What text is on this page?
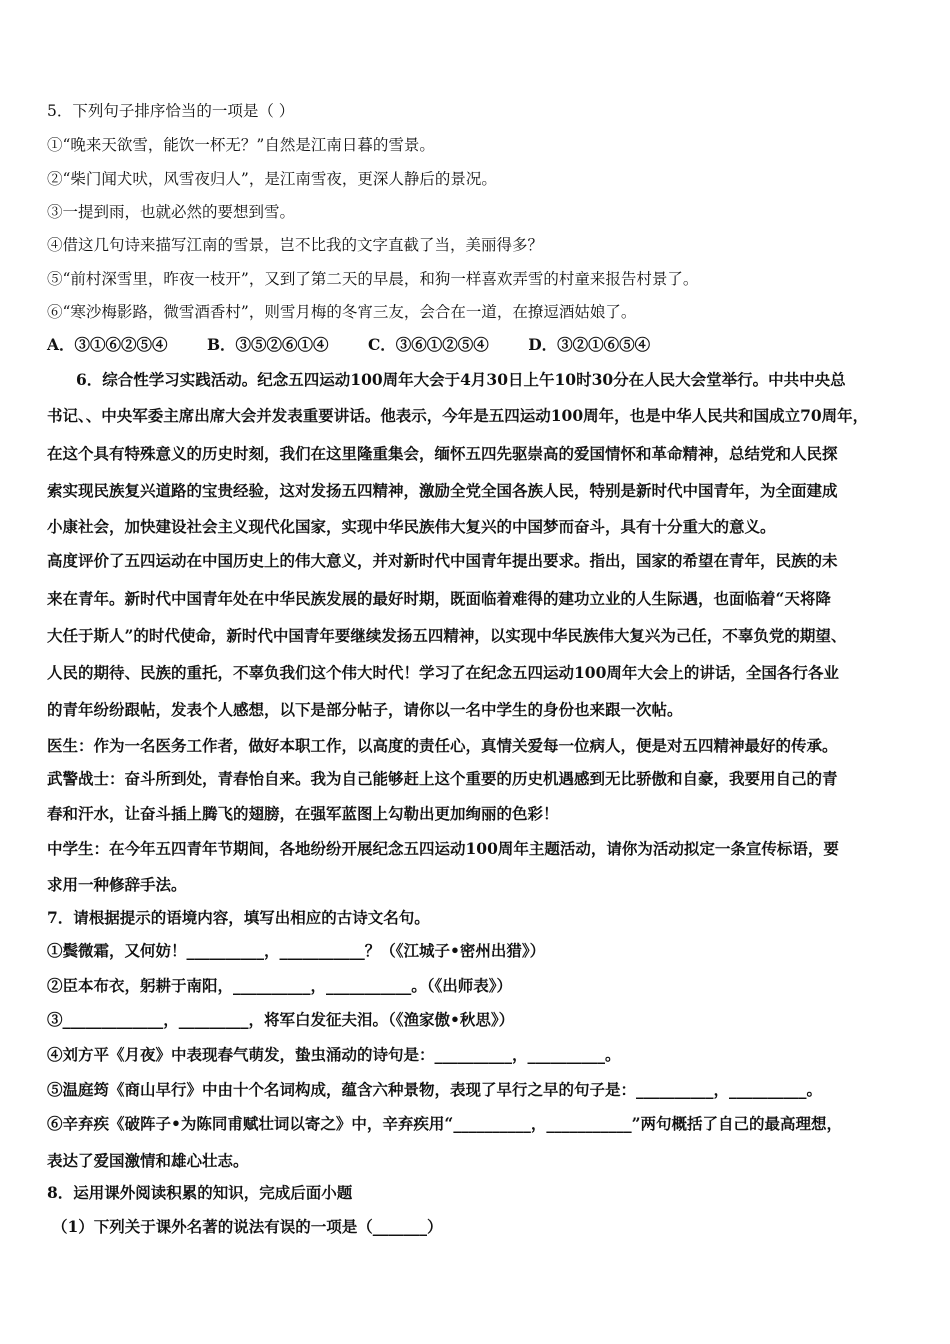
5．下列句子排序恰当的一项是（ ）
①“晚来天欲雪，能饮一杯无？”自然是江南日暮的雪景。
②“柴门闻犬吠，风雪夜归人”，是江南雪夜，更深人静后的景况。
③一提到雨，也就必然的要想到雪。
④借这几句诗来描写江南的雪景，岂不比我的文字直截了当，美丽得多？
⑤“前村深雪里，昨夜一枝开”，又到了第二天的早晨，和狗一样喜欢弄雪的村童来报告村景了。
⑥“寒沙梅影路，微雪酒香村”，则雪月梅的冬宵三友，会合在一道，在撩逗酒姑娘了。
A．③①⑥②⑤④	B．③⑤②⑥①④	C．③⑥①②⑤④	D．③②①⑥⑤④
6．综合性学习实践活动。纪念五四运动100周年大会于4月30日上午10时30分在人民大会堂举行。中共中央总
书记、、中央军委主席出席大会并发表重要讲话。他表示，今年是五四运动100周年，也是中华人民共和国成立70周年，
在这个具有特殊意义的历史时刻，我们在这里隆重集会，缅怀五四先驱崇高的爱国情怀和革命精神，总结党和人民探
索实现民族复兴道路的宝贵经验，这对发扬五四精神，激励全党全国各族人民，特别是新时代中国青年，为全面建成
小康社会，加快建设社会主义现代化国家，实现中华民族伟大复兴的中国梦而奋斗，具有十分重大的意义。
高度评价了五四运动在中国历史上的伟大意义，并对新时代中国青年提出要求。指出，国家的希望在青年，民族的未
来在青年。新时代中国青年处在中华民族发展的最好时期，既面临着难得的建功立业的人生际遇，也面临着“天将降
大任于斯人”的时代使命，新时代中国青年要继续发扬五四精神，以实现中华民族伟大复兴为己任，不辜负党的期望、
人民的期待、民族的重托，不辜负我们这个伟大时代！学习了在纪念五四运动100周年大会上的讲话，全国各行各业
的青年纷纷跟帖，发表个人感想，以下是部分帖子，请你以一名中学生的身份也来跟一次帖。
医生：作为一名医务工作者，做好本职工作，以高度的责任心，真情关爱每一位病人，便是对五四精神最好的传承。
武警战士：奋斗所到处，青春怡自来。我为自己能够赶上这个重要的历史机遇感到无比骄傲和自豪，我要用自己的青
春和汗水，让奋斗插上腾飞的翅膀，在强军蓝图上勾勒出更加绚丽的色彩！
中学生：在今年五四青年节期间，各地纷纷开展纪念五四运动100周年主题活动，请你为活动拟定一条宣传标语，要
求用一种修辞手法。
7．请根据提示的语境内容，填写出相应的古诗文名句。
①鬓微霜，又何妨！__________，___________？（《江城子•密州出猎》）
②臣本布衣，躬耕于南阳，__________，___________。（《出师表》）
③_____________，_________，将军白发征夫泪。（《渔家傲•秋思》）
④刘方平《月夜》中表现春气萌发，蛰虫涌动的诗句是：__________，__________。
⑤温庭筠《商山早行》中由十个名词构成，蕴含六种景物，表现了早行之早的句子是：__________，__________。
⑥辛弃疾《破阵子•为陈同甫赋壮词以寄之》中，辛弃疾用“__________，___________”两句概括了自己的最高理想，
表达了爱国激情和雄心壮志。
8．运用课外阅读积累的知识，完成后面小题
（1）下列关于课外名著的说法有误的一项是（_______）
